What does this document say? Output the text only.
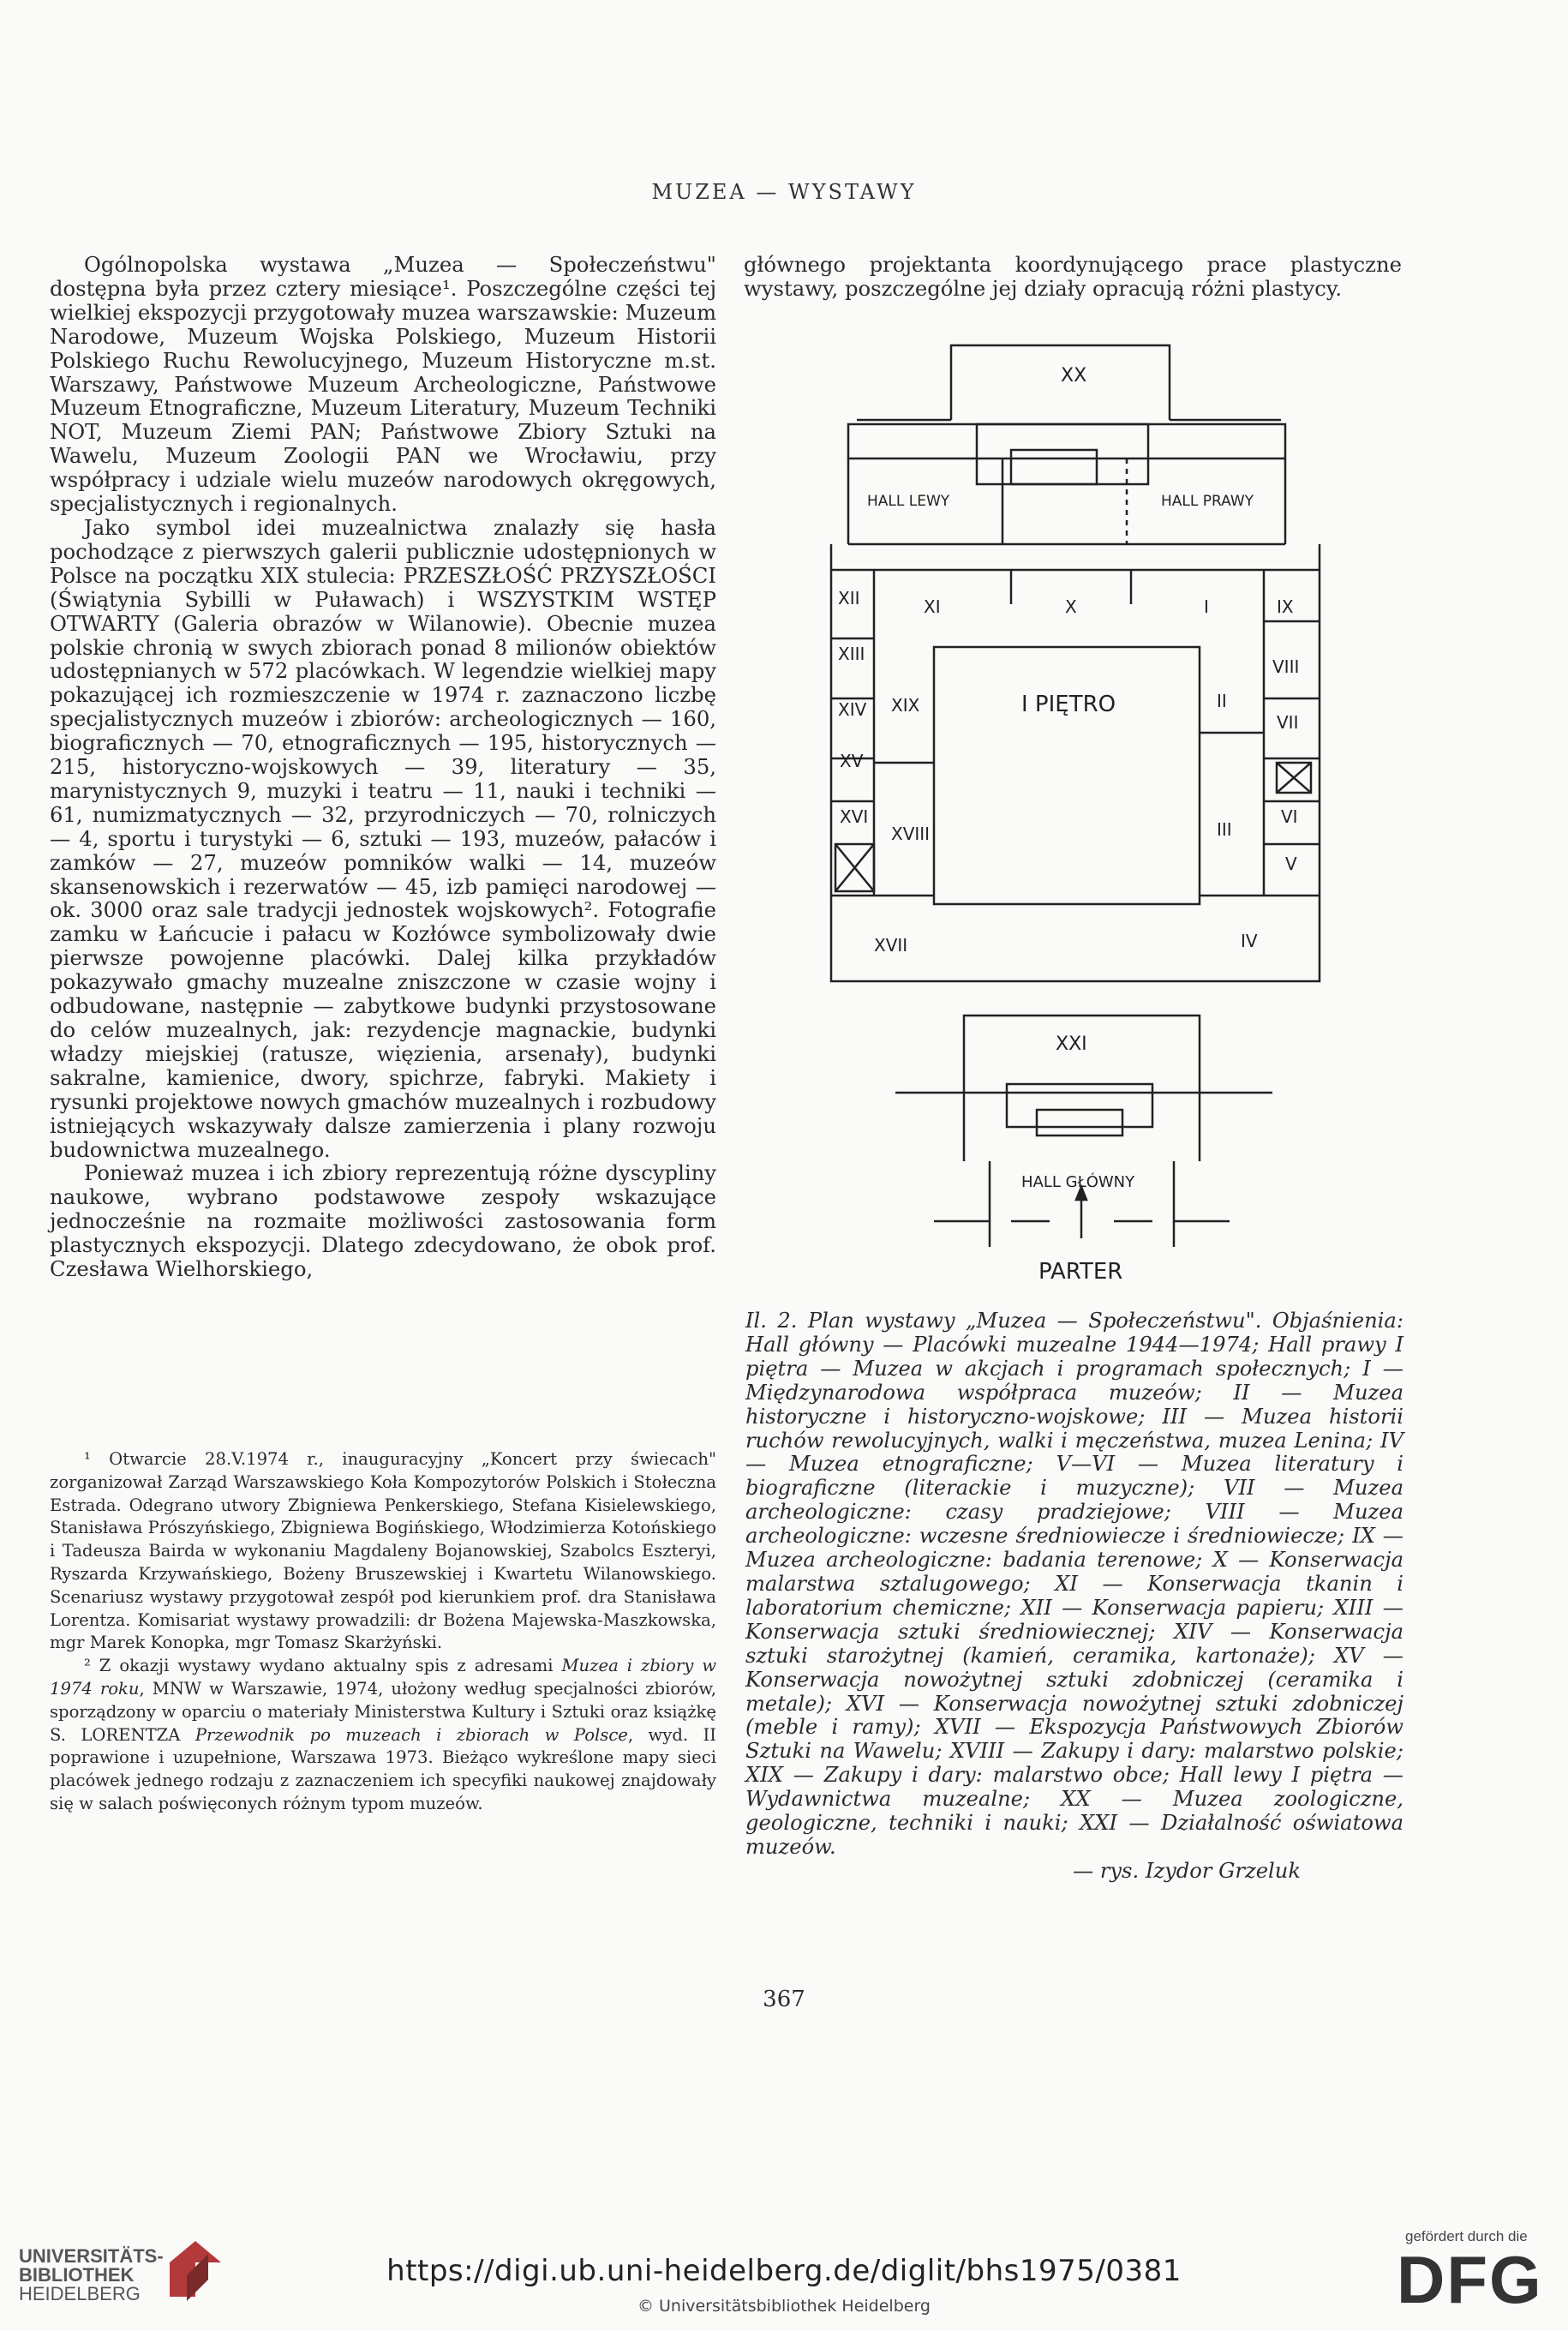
MUZEA — WYSTAWY

Ogólnopolska wystawa „Muzea — Społeczeństwu" dostępna była przez cztery miesiące¹. Poszczególne części tej wielkiej ekspozycji przygotowały muzea warszawskie: Muzeum Narodowe, Muzeum Wojska Polskiego, Muzeum Historii Polskiego Ruchu Rewolucyjnego, Muzeum Historyczne m.st. Warszawy, Państwowe Muzeum Archeologiczne, Państwowe Muzeum Etnograficzne, Muzeum Literatury, Muzeum Techniki NOT, Muzeum Ziemi PAN; Państwowe Zbiory Sztuki na Wawelu, Muzeum Zoologii PAN we Wrocławiu, przy współpracy i udziale wielu muzeów narodowych okręgowych, specjalistycznych i regionalnych.

Jako symbol idei muzealnictwa znalazły się hasła pochodzące z pierwszych galerii publicznie udostępnionych w Polsce na początku XIX stulecia: PRZESZŁOŚĆ PRZYSZŁOŚCI (Świątynia Sybilli w Puławach) i WSZYSTKIM WSTĘP OTWARTY (Galeria obrazów w Wilanowie). Obecnie muzea polskie chronią w swych zbiorach ponad 8 milionów obiektów udostępnianych w 572 placówkach. W legendzie wielkiej mapy pokazującej ich rozmieszczenie w 1974 r. zaznaczono liczbę specjalistycznych muzeów i zbiorów: archeologicznych — 160, biograficznych — 70, etnograficznych — 195, historycznych — 215, historyczno-wojskowych — 39, literatury — 35, marynistycznych 9, muzyki i teatru — 11, nauki i techniki — 61, numizmatycznych — 32, przyrodniczych — 70, rolniczych — 4, sportu i turystyki — 6, sztuki — 193, muzeów, pałaców i zamków — 27, muzeów pomników walki — 14, muzeów skansenowskich i rezerwatów — 45, izb pamięci narodowej — ok. 3000 oraz sale tradycji jednostek wojskowych². Fotografie zamku w Łańcucie i pałacu w Kozłówce symbolizowały dwie pierwsze powojenne placówki. Dalej kilka przykładów pokazywało gmachy muzealne zniszczone w czasie wojny i odbudowane, następnie — zabytkowe budynki przystosowane do celów muzealnych, jak: rezydencje magnackie, budynki władzy miejskiej (ratusze, więzienia, arsenały), budynki sakralne, kamienice, dwory, spichrze, fabryki. Makiety i rysunki projektowe nowych gmachów muzealnych i rozbudowy istniejących wskazywały dalsze zamierzenia i plany rozwoju budownictwa muzealnego.

Ponieważ muzea i ich zbiory reprezentują różne dyscypliny naukowe, wybrano podstawowe zespoły wskazujące jednocześnie na rozmaite możliwości zastosowania form plastycznych ekspozycji. Dlatego zdecydowano, że obok prof. Czesława Wielhorskiego,

głównego projektanta koordynującego prace plastyczne wystawy, poszczególne jej działy opracują różni plastycy.

¹ Otwarcie 28.V.1974 r., inauguracyjny „Koncert przy świecach" zorganizował Zarząd Warszawskiego Koła Kompozytorów Polskich i Stołeczna Estrada. Odegrano utwory Zbigniewa Penkerskiego, Stefana Kisielewskiego, Stanisława Prószyńskiego, Zbigniewa Bogińskiego, Włodzimierza Kotońskiego i Tadeusza Bairda w wykonaniu Magdaleny Bojanowskiej, Szabolcs Eszteryi, Ryszarda Krzywańskiego, Bożeny Bruszewskiej i Kwartetu Wilanowskiego. Scenariusz wystawy przygotował zespół pod kierunkiem prof. dra Stanisława Lorentza. Komisariat wystawy prowadzili: dr Bożena Majewska-Maszkowska, mgr Marek Konopka, mgr Tomasz Skarżyński.

² Z okazji wystawy wydano aktualny spis z adresami Muzea i zbiory w 1974 roku, MNW w Warszawie, 1974, ułożony według specjalności zbiorów, sporządzony w oparciu o materiały Ministerstwa Kultury i Sztuki oraz książkę S. LORENTZA Przewodnik po muzeach i zbiorach w Polsce, wyd. II poprawione i uzupełnione, Warszawa 1973. Bieżąco wykreślone mapy sieci placówek jednego rodzaju z zaznaczeniem ich specyfiki naukowej znajdowały się w salach poświęconych różnym typom muzeów.

XX
HALL LEWY	HALL PRAWY
XII	XI	X	I	IX
XIII
VIII
XIV XIX	I PIĘTRO	II
VII
XV
XVI
XVIII	III
VI
V
XVII	IV
XXI
HALL GŁÓWNY
PARTER
Il. 2. Plan wystawy „Muzea — Społeczeństwu". Objaśnienia: Hall główny — Placówki muzealne 1944—1974; Hall prawy I piętra — Muzea w akcjach i programach społecznych; I — Międzynarodowa współpraca muzeów; II — Muzea historyczne i historyczno-wojskowe; III — Muzea historii ruchów rewolucyjnych, walki i męczeństwa, muzea Lenina; IV — Muzea etnograficzne; V—VI — Muzea literatury i biograficzne (literackie i muzyczne); VII — Muzea archeologiczne: czasy pradziejowe; VIII — Muzea archeologiczne: wczesne średniowiecze i średniowiecze; IX — Muzea archeologiczne: badania terenowe; X — Konserwacja malarstwa sztalugowego; XI — Konserwacja tkanin i laboratorium chemiczne; XII — Konserwacja papieru; XIII — Konserwacja sztuki średniowiecznej; XIV — Konserwacja sztuki starożytnej (kamień, ceramika, kartonaże); XV — Konserwacja nowożytnej sztuki zdobniczej (ceramika i metale); XVI — Konserwacja nowożytnej sztuki zdobniczej (meble i ramy); XVII — Ekspozycja Państwowych Zbiorów Sztuki na Wawelu; XVIII — Zakupy i dary: malarstwo polskie; XIX — Zakupy i dary: malarstwo obce; Hall lewy I piętra — Wydawnictwa muzealne; XX — Muzea zoologiczne, geologiczne, techniki i nauki; XXI — Działalność oświatowa muzeów.
— rys. Izydor Grzeluk
367
UNIVERSITÄTS-
BIBLIOTHEK
HEIDELBERG
https://digi.ub.uni-heidelberg.de/diglit/bhs1975/0381
© Universitätsbibliothek Heidelberg
gefördert durch die
DFG
